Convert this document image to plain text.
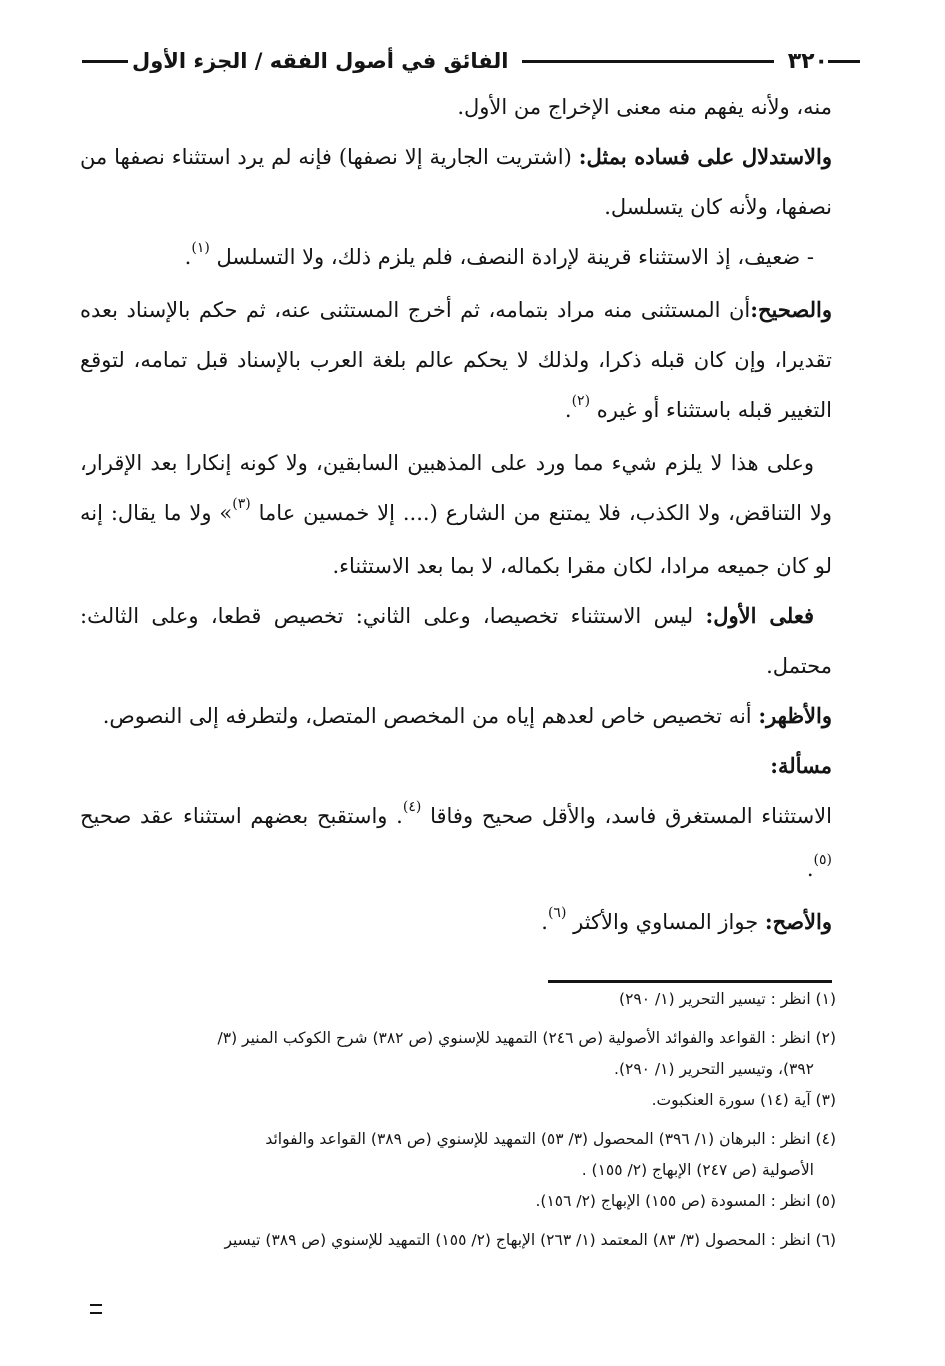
٣٢٠
الفائق في أصول الفقه / الجزء الأول

منه، ولأنه يفهم منه معنى الإخراج من الأول.

والاستدلال على فساده بمثل: (اشتريت الجارية إلا نصفها) فإنه لم يرد استثناء نصفها من نصفها، ولأنه كان يتسلسل.

- ضعيف، إذ الاستثناء قرينة لإرادة النصف، فلم يلزم ذلك، ولا التسلسل $^{(١)}$.

والصحيح:أن المستثنى منه مراد بتمامه، ثم أخرج المستثنى عنه، ثم حكم بالإسناد بعده تقديرا، وإن كان قبله ذكرا، ولذلك لا يحكم عالم بلغة العرب بالإسناد قبل تمامه، لتوقع التغيير قبله باستثناء أو غيره $^{(٢)}$.

وعلى هذا لا يلزم شيء مما ورد على المذهبين السابقين، ولا كونه إنكارا بعد الإقرار، ولا التناقض، ولا الكذب، فلا يمتنع من الشارع (.... إلا خمسين عاما $^{(٣)}$» ولا ما يقال: إنه لو كان جميعه مرادا، لكان مقرا بكماله، لا بما بعد الاستثناء.

فعلى الأول: ليس الاستثناء تخصيصا، وعلى الثاني: تخصيص قطعا، وعلى الثالث: محتمل.

والأظهر: أنه تخصيص خاص لعدهم إياه من المخصص المتصل، ولتطرفه إلى النصوص.

مسألة:

الاستثناء المستغرق فاسد، والأقل صحيح وفاقا $^{(٤)}$. واستقبح بعضهم استثناء عقد صحيح $^{(٥)}$.

والأصح: جواز المساوي والأكثر $^{(٦)}$.

(١) انظر : تيسير التحرير (١/ ٢٩٠)

(٢) انظر : القواعد والفوائد الأصولية (ص ٢٤٦) التمهيد للإسنوي (ص ٣٨٢) شرح الكوكب المنير (٣/

٣٩٢)، وتيسير التحرير (١/ ٢٩٠).

(٣) آية (١٤) سورة العنكبوت.

(٤) انظر : البرهان (١/ ٣٩٦) المحصول (٣/ ٥٣) التمهيد للإسنوي (ص ٣٨٩) القواعد والفوائد

الأصولية (ص ٢٤٧) الإبهاج (٢/ ١٥٥) .

(٥) انظر : المسودة (ص ١٥٥) الإبهاج (٢/ ١٥٦).

(٦) انظر : المحصول (٣/ ٨٣) المعتمد (١/ ٢٦٣) الإبهاج (٢/ ١٥٥) التمهيد للإسنوي (ص ٣٨٩) تيسير
